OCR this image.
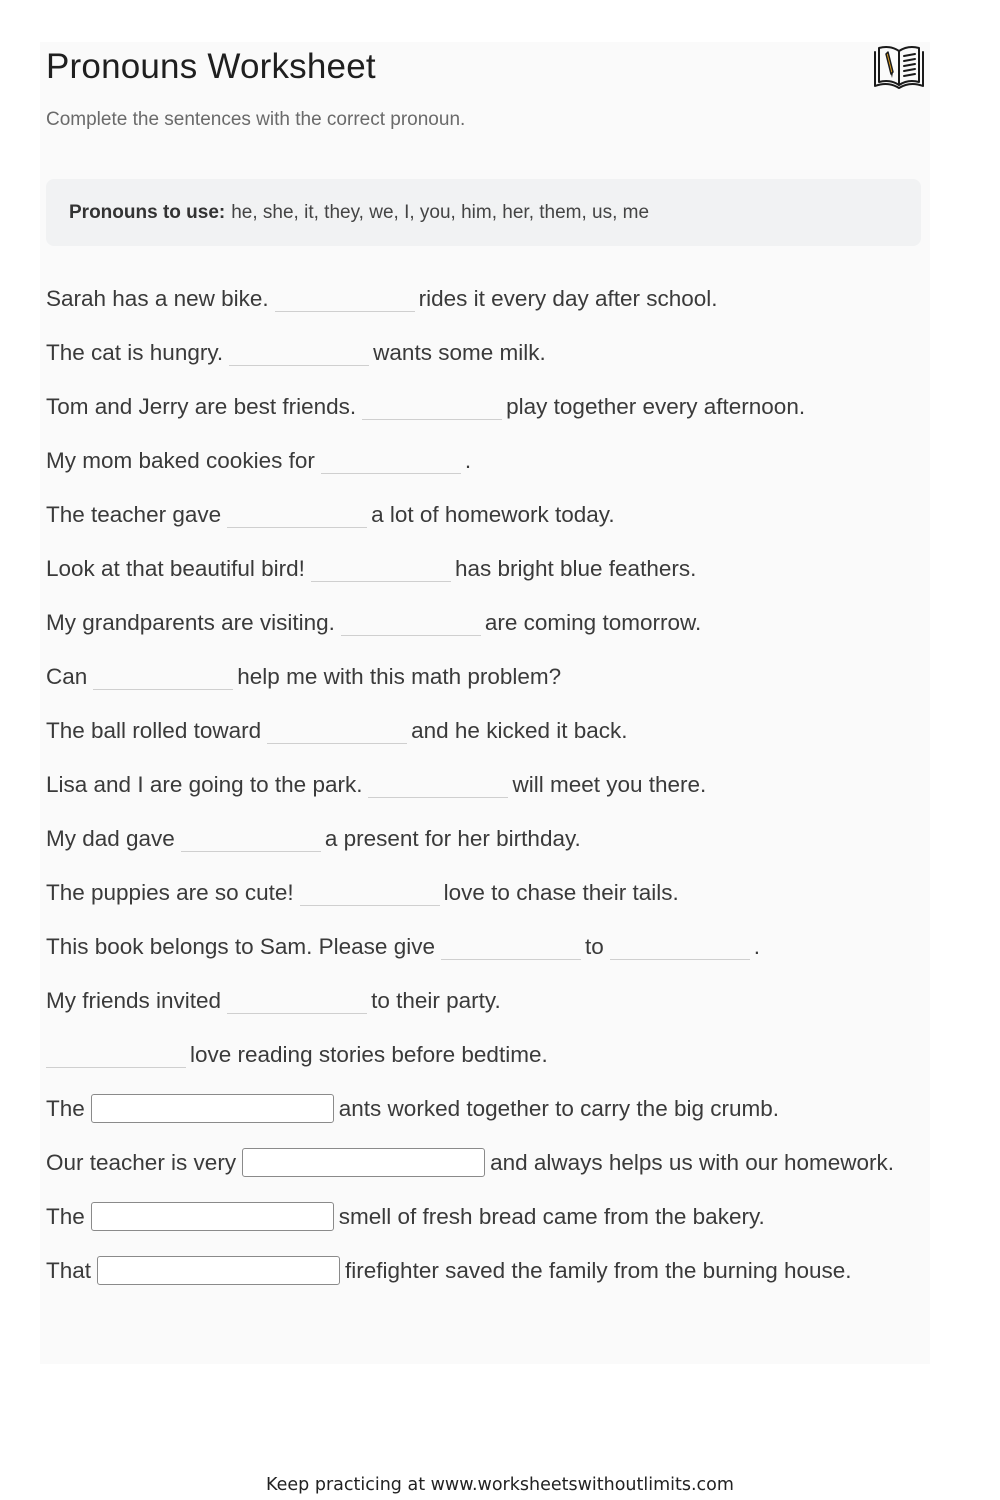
Pronouns Worksheet
Complete the sentences with the correct pronoun.
Pronouns to use: he, she, it, they, we, I, you, him, her, them, us, me
Sarah has a new bike.	rides it every day after school.
The cat is hungry.	wants some milk.
Tom and Jerry are best friends.	play together every afternoon.
My mom baked cookies for	.
The teacher gave	a lot of homework today.
Look at that beautiful bird!	has bright blue feathers.
My grandparents are visiting.	are coming tomorrow.
Can	help me with this math problem?
The ball rolled toward	and he kicked it back.
Lisa and I are going to the park.	will meet you there.
My dad gave	a present for her birthday.
The puppies are so cute!	love to chase their tails.
This book belongs to Sam. Please give	to	.
My friends invited	to their party.
love reading stories before bedtime.
The	ants worked together to carry the big crumb.
Our teacher is very	and always helps us with our homework.
The	smell of fresh bread came from the bakery.
That	firefighter saved the family from the burning house.
Keep practicing at www.worksheetswithoutlimits.com
